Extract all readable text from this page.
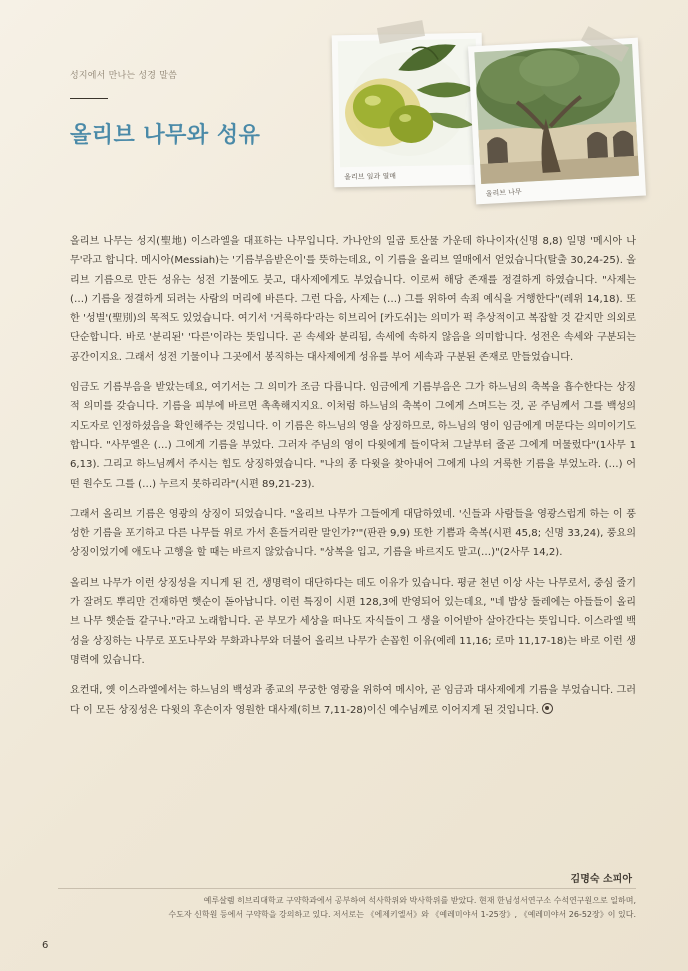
성지에서 만나는 성경 말씀
올리브 나무와 성유
올리브 잎과 열매
올리브 나무

올리브 나무는 성지(聖地) 이스라엘을 대표하는 나무입니다. 가나안의 일곱 토산물 가운데 하나이자(신명 8,8) 일명 '메시아 나무'라고 합니다. 메시아(Messiah)는 '기름부음받은이'를 뜻하는데요, 이 기름을 올리브 열매에서 얻었습니다(탈출 30,24-25). 올리브 기름으로 만든 성유는 성전 기물에도 붓고, 대사제에게도 부었습니다. 이로써 해당 존재를 정결하게 하였습니다. "사제는 (…) 기름을 정결하게 되려는 사람의 머리에 바른다. 그런 다음, 사제는 (…) 그를 위하여 속죄 예식을 거행한다"(레위 14,18). 또한 '성별'(聖別)의 목적도 있었습니다. 여기서 '거룩하다'라는 히브리어 [카도쉬]는 의미가 퍽 추상적이고 복잡할 것 같지만 의외로 단순합니다. 바로 '분리된' '다른'이라는 뜻입니다. 곧 속세와 분리됨, 속세에 속하지 않음을 의미합니다. 성전은 속세와 구분되는 공간이지요. 그래서 성전 기물이나 그곳에서 봉직하는 대사제에게 성유를 부어 세속과 구분된 존재로 만들었습니다.

임금도 기름부음을 받았는데요, 여기서는 그 의미가 조금 다릅니다. 임금에게 기름부음은 그가 하느님의 축복을 흡수한다는 상징적 의미를 갖습니다. 기름을 피부에 바르면 촉촉해지지요. 이처럼 하느님의 축복이 그에게 스며드는 것, 곧 주님께서 그를 백성의 지도자로 인정하셨음을 확인해주는 것입니다. 이 기름은 하느님의 영을 상징하므로, 하느님의 영이 임금에게 머문다는 의미이기도 합니다. "사무엘은 (…) 그에게 기름을 부었다. 그러자 주님의 영이 다윗에게 들이닥쳐 그날부터 줄곧 그에게 머물렀다"(1사무 16,13). 그리고 하느님께서 주시는 힘도 상징하였습니다. "나의 종 다윗을 찾아내어 그에게 나의 거룩한 기름을 부었노라. (…) 어떤 원수도 그를 (…) 누르지 못하리라"(시편 89,21-23).

그래서 올리브 기름은 영광의 상징이 되었습니다. "올리브 나무가 그들에게 대답하였네. '신들과 사람들을 영광스럽게 하는 이 풍성한 기름을 포기하고 다른 나무들 위로 가서 흔들거리란 말인가?'"(판관 9,9) 또한 기쁨과 축복(시편 45,8; 신명 33,24), 풍요의 상징이었기에 애도나 고행을 할 때는 바르지 않았습니다. "상복을 입고, 기름을 바르지도 말고(…)"(2사무 14,2).

올리브 나무가 이런 상징성을 지니게 된 건, 생명력이 대단하다는 데도 이유가 있습니다. 평균 천년 이상 사는 나무로서, 중심 줄기가 잘려도 뿌리만 건재하면 햇순이 돋아납니다. 이런 특징이 시편 128,3에 반영되어 있는데요, "네 밥상 둘레에는 아들들이 올리브 나무 햇순들 같구나."라고 노래합니다. 곧 부모가 세상을 떠나도 자식들이 그 생을 이어받아 살아간다는 뜻입니다. 이스라엘 백성을 상징하는 나무로 포도나무와 무화과나무와 더불어 올리브 나무가 손꼽힌 이유(예레 11,16; 로마 11,17-18)는 바로 이런 생명력에 있습니다.

요컨대, 옛 이스라엘에서는 하느님의 백성과 종교의 무궁한 영광을 위하여 메시아, 곧 임금과 대사제에게 기름을 부었습니다. 그러다 이 모든 상징성은 다윗의 후손이자 영원한 대사제(히브 7,11-28)이신 예수님께로 이어지게 된 것입니다.

김명숙 소피아
예루살렘 히브리대학교 구약학과에서 공부하여 석사학위와 박사학위를 받았다. 현재 한님성서연구소 수석연구원으로 일하며,
수도자 신학원 등에서 구약학을 강의하고 있다. 저서로는 《에제키엘서》와 《예레미야서 1-25장》, 《예레미야서 26-52장》이 있다.
6
